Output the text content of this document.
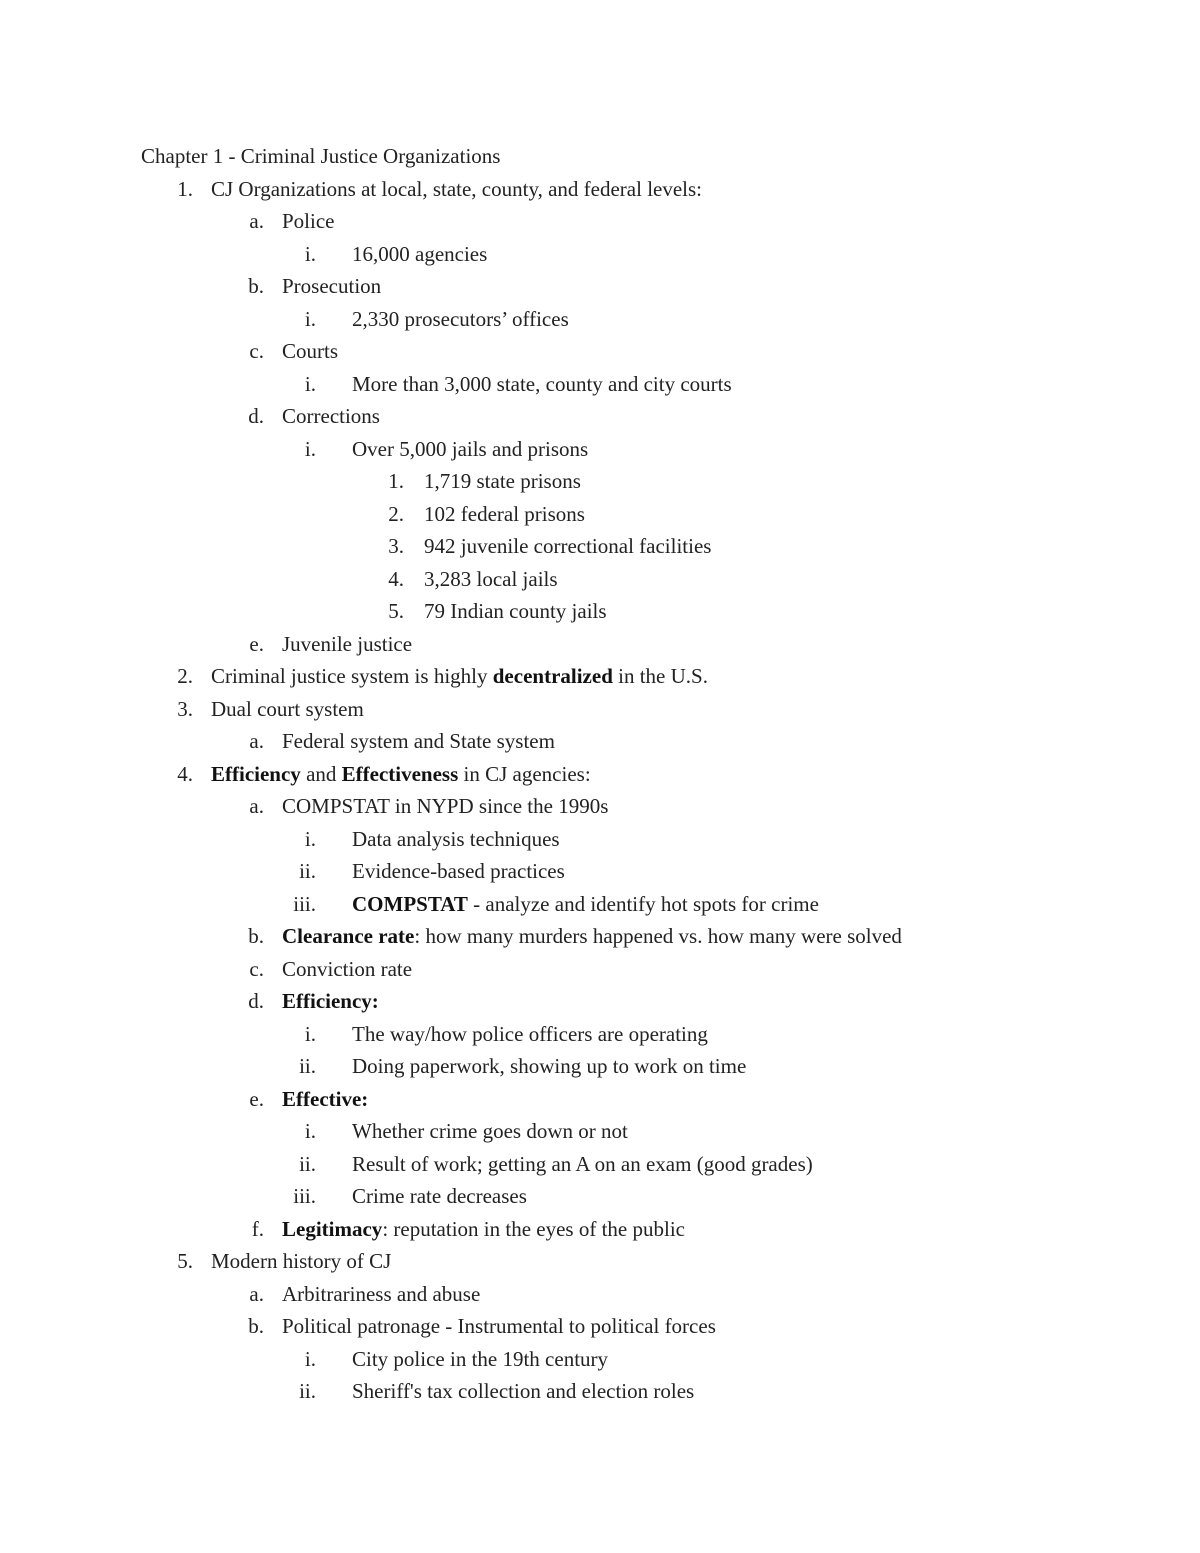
Chapter 1 - Criminal Justice Organizations
1. CJ Organizations at local, state, county, and federal levels:
a. Police
i. 16,000 agencies
b. Prosecution
i. 2,330 prosecutors’ offices
c. Courts
i. More than 3,000 state, county and city courts
d. Corrections
i. Over 5,000 jails and prisons
1. 1,719 state prisons
2. 102 federal prisons
3. 942 juvenile correctional facilities
4. 3,283 local jails
5. 79 Indian county jails
e. Juvenile justice
2. Criminal justice system is highly decentralized in the U.S.
3. Dual court system
a. Federal system and State system
4. Efficiency and Effectiveness in CJ agencies:
a. COMPSTAT in NYPD since the 1990s
i. Data analysis techniques
ii. Evidence-based practices
iii. COMPSTAT - analyze and identify hot spots for crime
b. Clearance rate: how many murders happened vs. how many were solved
c. Conviction rate
d. Efficiency:
i. The way/how police officers are operating
ii. Doing paperwork, showing up to work on time
e. Effective:
i. Whether crime goes down or not
ii. Result of work; getting an A on an exam (good grades)
iii. Crime rate decreases
f. Legitimacy: reputation in the eyes of the public
5. Modern history of CJ
a. Arbitrariness and abuse
b. Political patronage - Instrumental to political forces
i. City police in the 19th century
ii. Sheriff's tax collection and election roles
